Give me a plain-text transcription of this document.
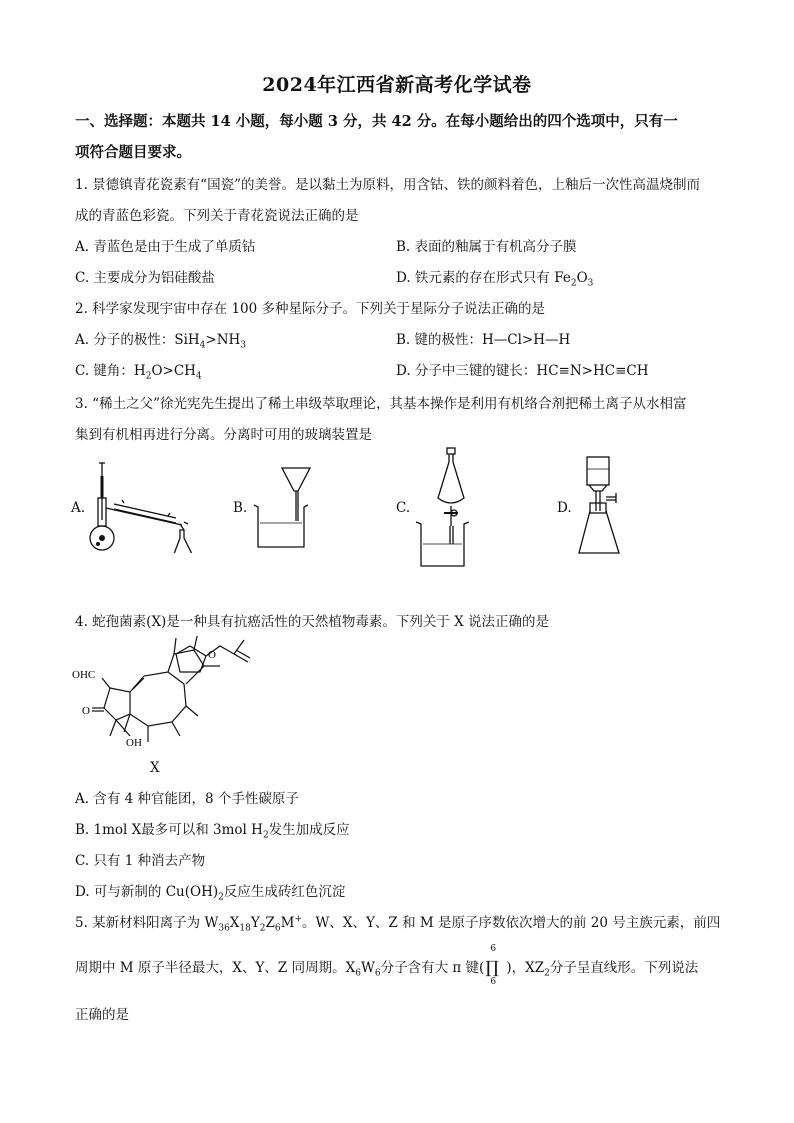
2024年江西省新高考化学试卷
一、选择题：本题共 14 小题，每小题 3 分，共 42 分。在每小题给出的四个选项中，只有一
项符合题目要求。
1. 景德镇青花瓷素有“国瓷”的美誉。是以黏土为原料，用含钴、铁的颜料着色，上釉后一次性高温烧制而
成的青蓝色彩瓷。下列关于青花瓷说法正确的是
A. 青蓝色是由于生成了单质钴	B. 表面的釉属于有机高分子膜
C. 主要成分为铝硅酸盐	D. 铁元素的存在形式只有 $Fe_2O_3$
2. 科学家发现宇宙中存在 100 多种星际分子。下列关于星际分子说法正确的是
A. 分子的极性：$SiH_4>NH_3$	B. 键的极性：H—Cl>H—H
C. 键角：$H_2O>CH_4$	D. 分子中三键的键长：HC≡N>HC≡CH
3. “稀土之父”徐光宪先生提出了稀土串级萃取理论，其基本操作是利用有机络合剂把稀土离子从水相富
集到有机相再进行分离。分离时可用的玻璃装置是
A.	B.	C.	D.
4. 蛇孢菌素(X)是一种具有抗癌活性的天然植物毒素。下列关于 X 说法正确的是
OHC
O
O
OH
X
A. 含有 4 种官能团，8 个手性碳原子
B. 1mol X最多可以和 3mol $H_2$发生加成反应
C. 只有 1 种消去产物
D. 可与新制的 $Cu(OH)_2$反应生成砖红色沉淀
5. 某新材料阳离子为 $W_{36}X_{18}Y_2Z_6M^+$。W、X、Y、Z 和 M 是原子序数依次增大的前 20 号主族元素，前四
周期中 M 原子半径最大，X、Y、Z 同周期。$X_6W_6$分子含有大 π 键(
6
∏
6
)，$XZ_2$分子呈直线形。下列说法
正确的是
